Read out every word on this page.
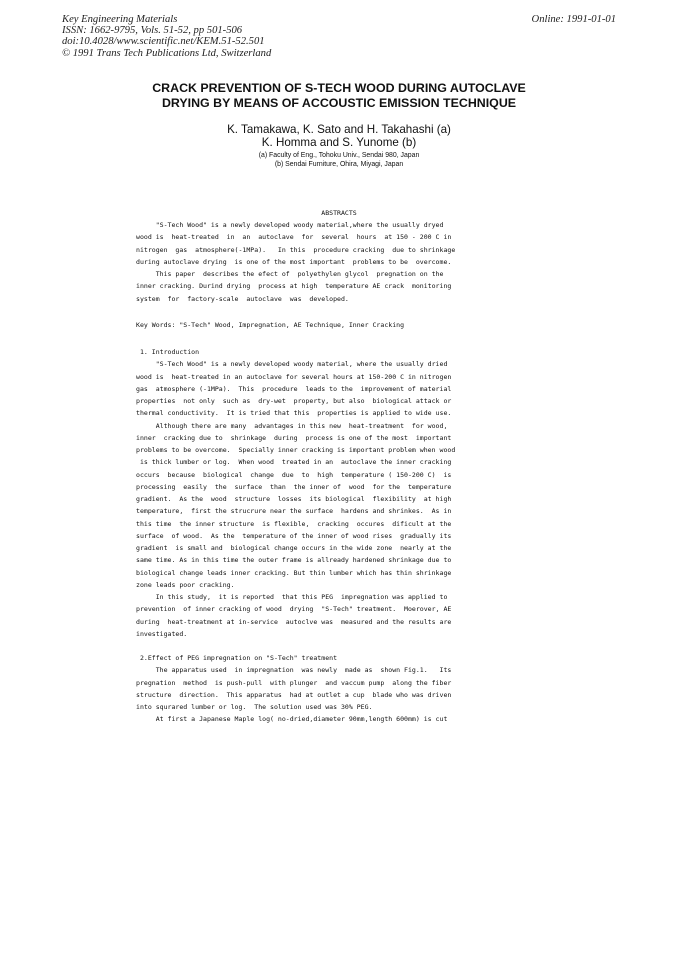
Key Engineering Materials
ISSN: 1662-9795, Vols. 51-52, pp 501-506
doi:10.4028/www.scientific.net/KEM.51-52.501
© 1991 Trans Tech Publications Ltd, Switzerland
Online: 1991-01-01
CRACK PREVENTION OF S-TECH WOOD DURING AUTOCLAVE
DRYING BY MEANS OF ACCOUSTIC EMISSION TECHNIQUE
K. Tamakawa, K. Sato and H. Takahashi (a)
K. Homma and S. Yunome (b)
(a) Faculty of Eng., Tohoku Univ., Sendai 980, Japan
(b) Sendai Furniture, Ohira, Miyagi, Japan
ABSTRACTS
"S-Tech Wood" is a newly developed woody material,where the usually dryed
wood is  heat-treated  in  an  autoclave  for  several  hours  at 150 - 200 C in
nitrogen  gas  atmosphere(-1MPa).   In this  procedure cracking  due to shrinkage
during autoclave drying  is one of the most important  problems to be  overcome.
This paper  describes the efect of  polyethylen glycol  pregnation on the
inner cracking. Durind drying  process at high  temperature AE crack  monitoring
system  for  factory-scale  autoclave  was  developed.
Key Words: "S-Tech" Wood, Impregnation, AE Technique, Inner Cracking
1. Introduction
"S-Tech Wood" is a newly developed woody material, where the usually dried
wood is  heat-treated in an autoclave for several hours at 150-200 C in nitrogen
gas  atmosphere (-1MPa).  This  procedure  leads to the  improvement of material
properties  not only  such as  dry-wet  property, but also  biological attack or
thermal conductivity.  It is tried that this  properties is applied to wide use.
Although there are many  advantages in this new  heat-treatment  for wood,
inner  cracking due to  shrinkage  during  process is one of the most  important
problems to be overcome.  Specially inner cracking is important problem when wood
is thick lumber or log.  When wood  treated in an  autoclave the inner cracking
occurs  because  biological  change  due  to  high  temperature ( 150-200 C)  is
processing  easily  the  surface  than  the inner of  wood  for the  temperature
gradient.  As the  wood  structure  losses  its biological  flexibility  at high
temperature,  first the strucrure near the surface  hardens and shrinkes.  As in
this time  the inner structure  is flexible,  cracking  occures  dificult at the
surface  of wood.  As the  temperature of the inner of wood rises  gradually its
gradient  is small and  biological change occurs in the wide zone  nearly at the
same time. As in this time the outer frame is allready hardened shrinkage due to
biological change leads inner cracking. But thin lumber which has thin shrinkage
zone leads poor cracking.
In this study,  it is reported  that this PEG  impregnation was applied to
prevention  of inner cracking of wood  drying  "S-Tech" treatment.  Moerover, AE
during  heat-treatment at in-service  autoclve was  measured and the results are
investigated.
2.Effect of PEG impregnation on "S-Tech" treatment
The apparatus used  in impregnation  was newly  made as  shown Fig.1.   Its
pregnation  method  is push-pull  with plunger  and vaccum pump  along the fiber
structure  direction.  This apparatus  had at outlet a cup  blade who was driven
into squrared lumber or log.  The solution used was 30% PEG.
At first a Japanese Maple log( no-dried,diameter 90mm,length 600mm) is cut
